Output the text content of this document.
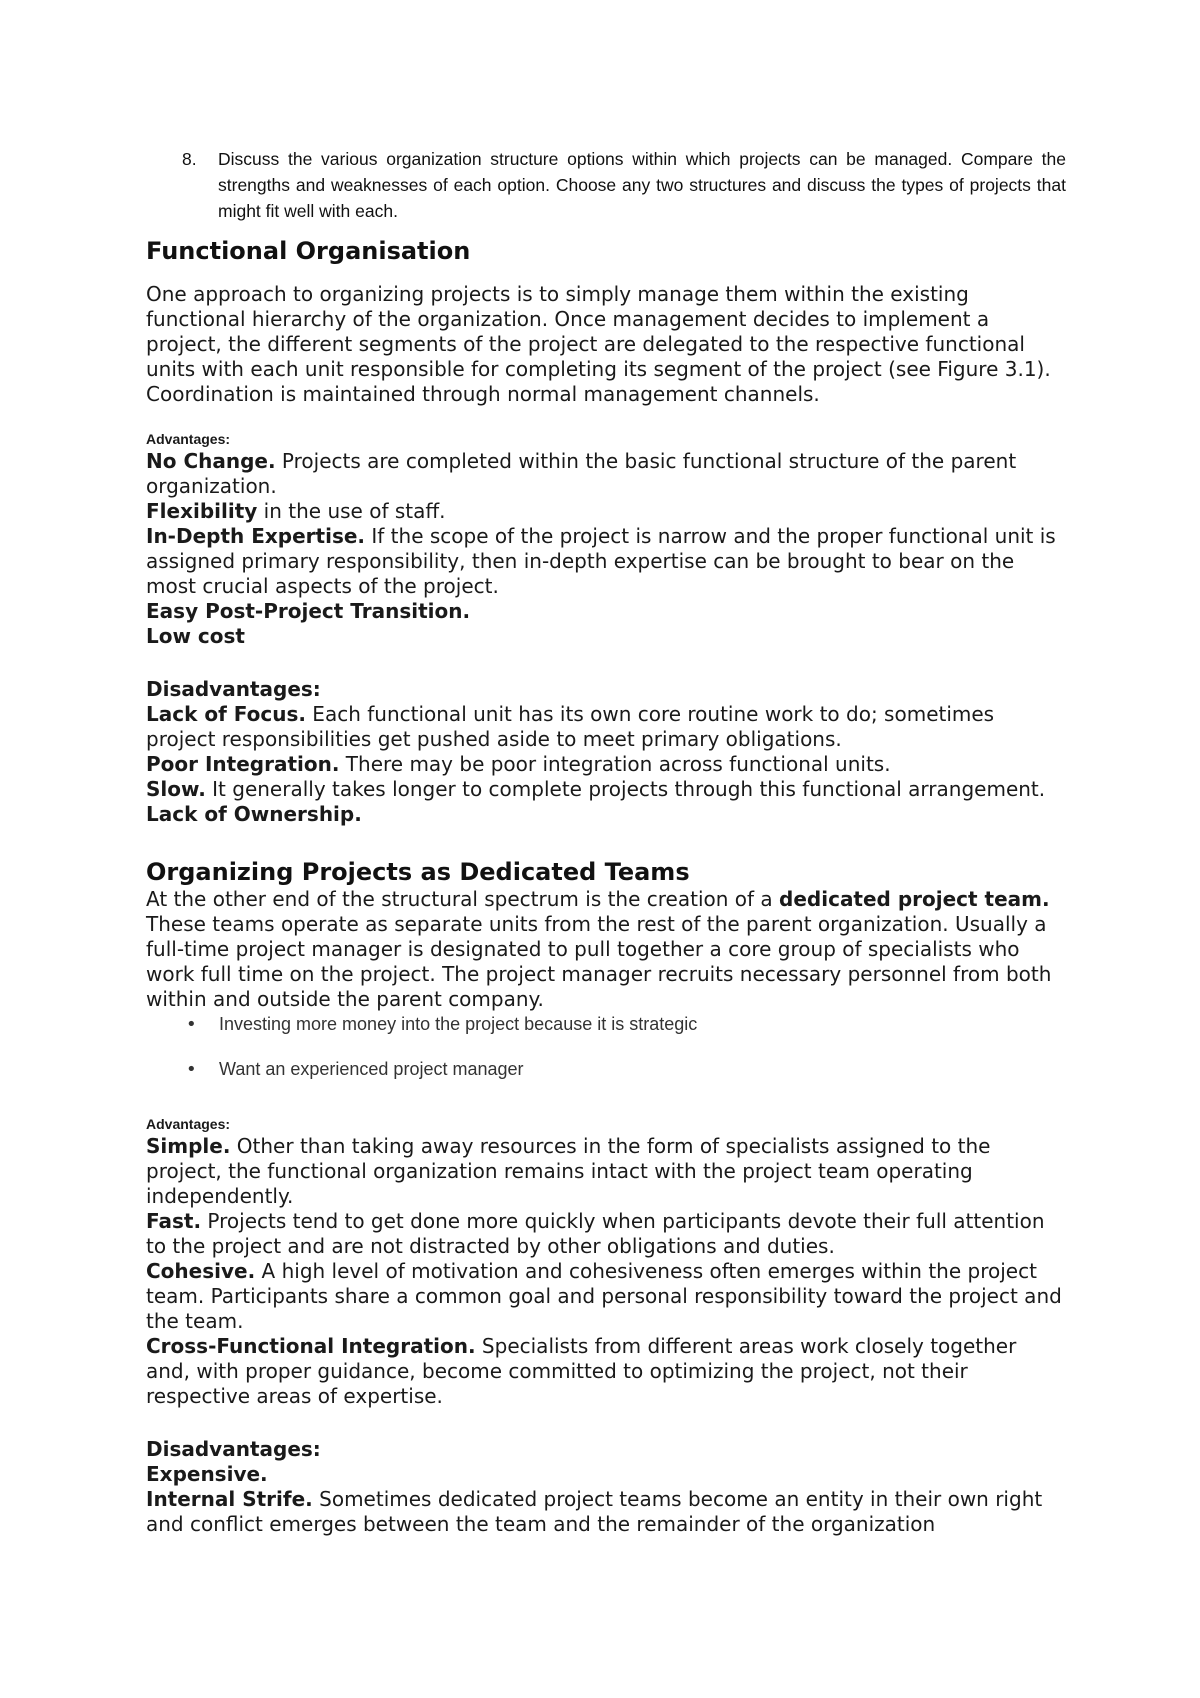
8.	Discuss the various organization structure options within which projects can be managed. Compare the strengths and weaknesses of each option. Choose any two structures and discuss the types of projects that might fit well with each.
Functional Organisation

One approach to organizing projects is to simply manage them within the existing functional hierarchy of the organization. Once management decides to implement a project, the different segments of the project are delegated to the respective functional units with each unit responsible for completing its segment of the project (see Figure 3.1). Coordination is maintained through normal management channels.

Advantages:

No Change. Projects are completed within the basic functional structure of the parent organization.

Flexibility in the use of staff.

In-Depth Expertise. If the scope of the project is narrow and the proper functional unit is assigned primary responsibility, then in-depth expertise can be brought to bear on the most crucial aspects of the project.

Easy Post-Project Transition.

Low cost

Disadvantages:

Lack of Focus. Each functional unit has its own core routine work to do; sometimes project responsibilities get pushed aside to meet primary obligations.

Poor Integration. There may be poor integration across functional units.

Slow. It generally takes longer to complete projects through this functional arrangement.

Lack of Ownership.

Organizing Projects as Dedicated Teams

At the other end of the structural spectrum is the creation of a dedicated project team. These teams operate as separate units from the rest of the parent organization. Usually a full-time project manager is designated to pull together a core group of specialists who work full time on the project. The project manager recruits necessary personnel from both within and outside the parent company.

• Investing more money into the project because it is strategic
• Want an experienced project manager

Advantages:

Simple. Other than taking away resources in the form of specialists assigned to the project, the functional organization remains intact with the project team operating independently.

Fast. Projects tend to get done more quickly when participants devote their full attention to the project and are not distracted by other obligations and duties.

Cohesive. A high level of motivation and cohesiveness often emerges within the project team. Participants share a common goal and personal responsibility toward the project and the team.

Cross-Functional Integration. Specialists from different areas work closely together and, with proper guidance, become committed to optimizing the project, not their respective areas of expertise.

Disadvantages:

Expensive.

Internal Strife. Sometimes dedicated project teams become an entity in their own right and conflict emerges between the team and the remainder of the organization
